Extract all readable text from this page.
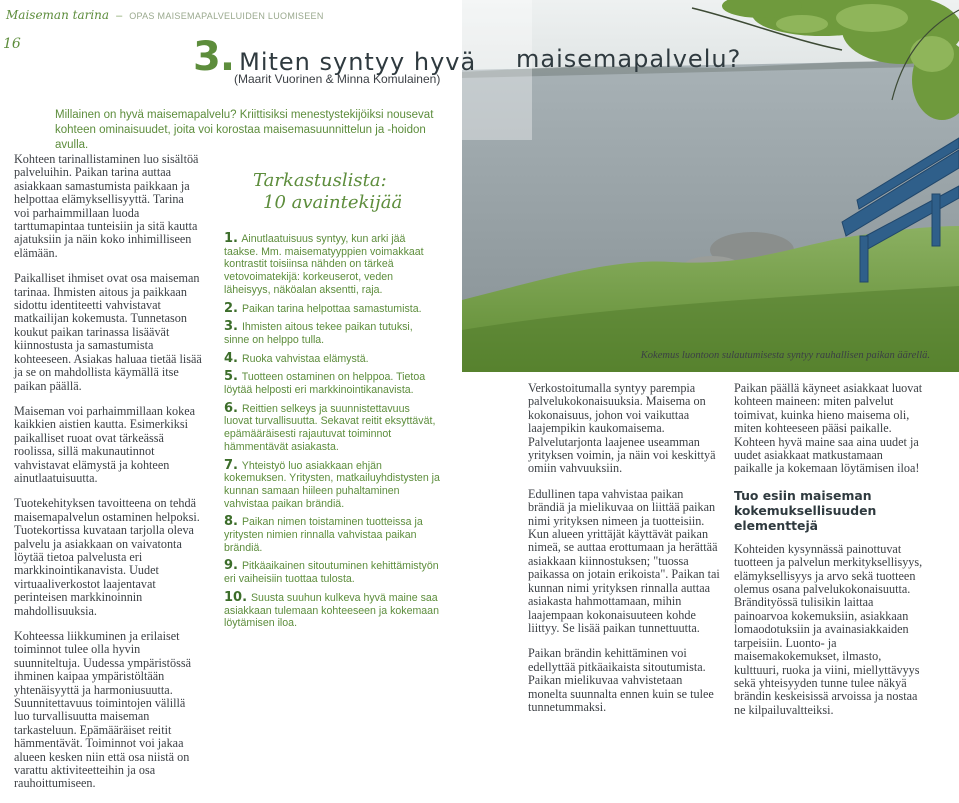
Maiseman tarina – OPAS MAISEMAPALVELUIDEN LUOMISEEN
16	3. Miten syntyy hyvä maisemapalvelu?
(Maarit Vuorinen & Minna Komulainen)
Millainen on hyvä maisemapalvelu? Kriittisiksi menestystekijöiksi nousevat kohteen ominaisuudet, joita voi korostaa maisemasuunnittelun ja -hoidon avulla.

Kohteen tarinallistaminen luo sisältöä palveluihin. Paikan tarina auttaa asiakkaan samastumista paikkaan ja helpottaa elämyksellisyyttä. Tarina voi parhaimmillaan luoda tarttumapintaa tunteisiin ja sitä kautta ajatuksiin ja näin koko inhimilliseen elämään.

Paikalliset ihmiset ovat osa maiseman tarinaa. Ihmisten aitous ja paikkaan sidottu identiteetti vahvistavat matkailijan kokemusta. Tunnetason koukut paikan tarinassa lisäävät kiinnostusta ja samastumista kohteeseen. Asiakas haluaa tietää lisää ja se on mahdollista käymällä itse paikan päällä.

Maiseman voi parhaimmillaan kokea kaikkien aistien kautta. Esimerkiksi paikalliset ruoat ovat tärkeässä roolissa, sillä makunautinnot vahvistavat elämystä ja kohteen ainutlaatuisuutta.

Tuotekehityksen tavoitteena on tehdä maisemapalvelun ostaminen helpoksi. Tuotekortissa kuvataan tarjolla oleva palvelu ja asiakkaan on vaivatonta löytää tietoa palvelusta eri markkinointikanavista. Uudet virtuaaliverkostot laajentavat perinteisen markkinoinnin mahdollisuuksia.

Kohteessa liikkuminen ja erilaiset toiminnot tulee olla hyvin suunniteltuja. Uudessa ympäristössä ihminen kaipaa ympäristöltään yhtenäisyyttä ja harmoniusuutta. Suunnitettavuus toimintojen välillä luo turvallisuutta maiseman tarkasteluun. Epämääräiset reitit hämmentävät. Toiminnot voi jakaa alueen kesken niin että osa niistä on varattu aktiviteetteihin ja osa rauhoittumiseen.

Tarkastuslista:
10 avaintekijää
1. Ainutlaatuisuus syntyy, kun arki jää taakse. Mm. maisematyyppien voimakkaat kontrastit toisiinsa nähden on tärkeä vetovoimatekijä: korkeuserot, veden läheisyys, näköalan aksentti, raja.
2. Paikan tarina helpottaa samastumista.
3. Ihmisten aitous tekee paikan tutuksi, sinne on helppo tulla.
4. Ruoka vahvistaa elämystä.
5. Tuotteen ostaminen on helppoa. Tietoa löytää helposti eri markkinointikanavista.
6. Reittien selkeys ja suunnistettavuus luovat turvallisuutta. Sekavat reitit eksyttävät, epämääräisesti rajautuvat toiminnot hämmentävät asiakasta.
7. Yhteistyö luo asiakkaan ehjän kokemuksen. Yritysten, matkailuyhdistysten ja kunnan samaan hiileen puhaltaminen vahvistaa paikan brändiä.
8. Paikan nimen toistaminen tuotteissa ja yritysten nimien rinnalla vahvistaa paikan brändiä.
9. Pitkäaikainen sitoutuminen kehittämistyön eri vaiheisiin tuottaa tulosta.
10. Suusta suuhun kulkeva hyvä maine saa asiakkaan tulemaan kohteeseen ja kokemaan löytämisen iloa.
Kokemus luontoon sulautumisesta syntyy rauhallisen paikan äärellä.

Verkostoitumalla syntyy parempia palvelukokonaisuuksia. Maisema on kokonaisuus, johon voi vaikuttaa laajempikin kaukomaisema. Palvelutarjonta laajenee useamman yrityksen voimin, ja näin voi keskittyä omiin vahvuuksiin.

Edullinen tapa vahvistaa paikan brändiä ja mielikuvaa on liittää paikan nimi yrityksen nimeen ja tuotteisiin. Kun alueen yrittäjät käyttävät paikan nimeä, se auttaa erottumaan ja herättää asiakkaan kiinnostuksen; "tuossa paikassa on jotain erikoista". Paikan tai kunnan nimi yrityksen rinnalla auttaa asiakasta hahmottamaan, mihin laajempaan kokonaisuuteen kohde liittyy. Se lisää paikan tunnettuutta.

Paikan brändin kehittäminen voi edellyttää pitkäaikaista sitoutumista. Paikan mielikuvaa vahvistetaan monelta suunnalta ennen kuin se tulee tunnetummaksi.

Paikan päällä käyneet asiakkaat luovat kohteen maineen: miten palvelut toimivat, kuinka hieno maisema oli, miten kohteeseen pääsi paikalle. Kohteen hyvä maine saa aina uudet ja uudet asiakkaat matkustamaan paikalle ja kokemaan löytämisen iloa!

Tuo esiin maiseman kokemuksellisuuden elementtejä

Kohteiden kysynnässä painottuvat tuotteen ja palvelun merkityksellisyys, elämyksellisyys ja arvo sekä tuotteen olemus osana palvelukokonaisuutta. Brändityössä tulisikin laittaa painoarvoa kokemuksiin, asiakkaan lomaodotuksiin ja avainasiakkaiden tarpeisiin. Luonto- ja maisemakokemukset, ilmasto, kulttuuri, ruoka ja viini, miellyttävyys sekä yhteisyyden tunne tulee näkyä brändin keskeisissä arvoissa ja nostaa ne kilpailuvaltteiksi.
